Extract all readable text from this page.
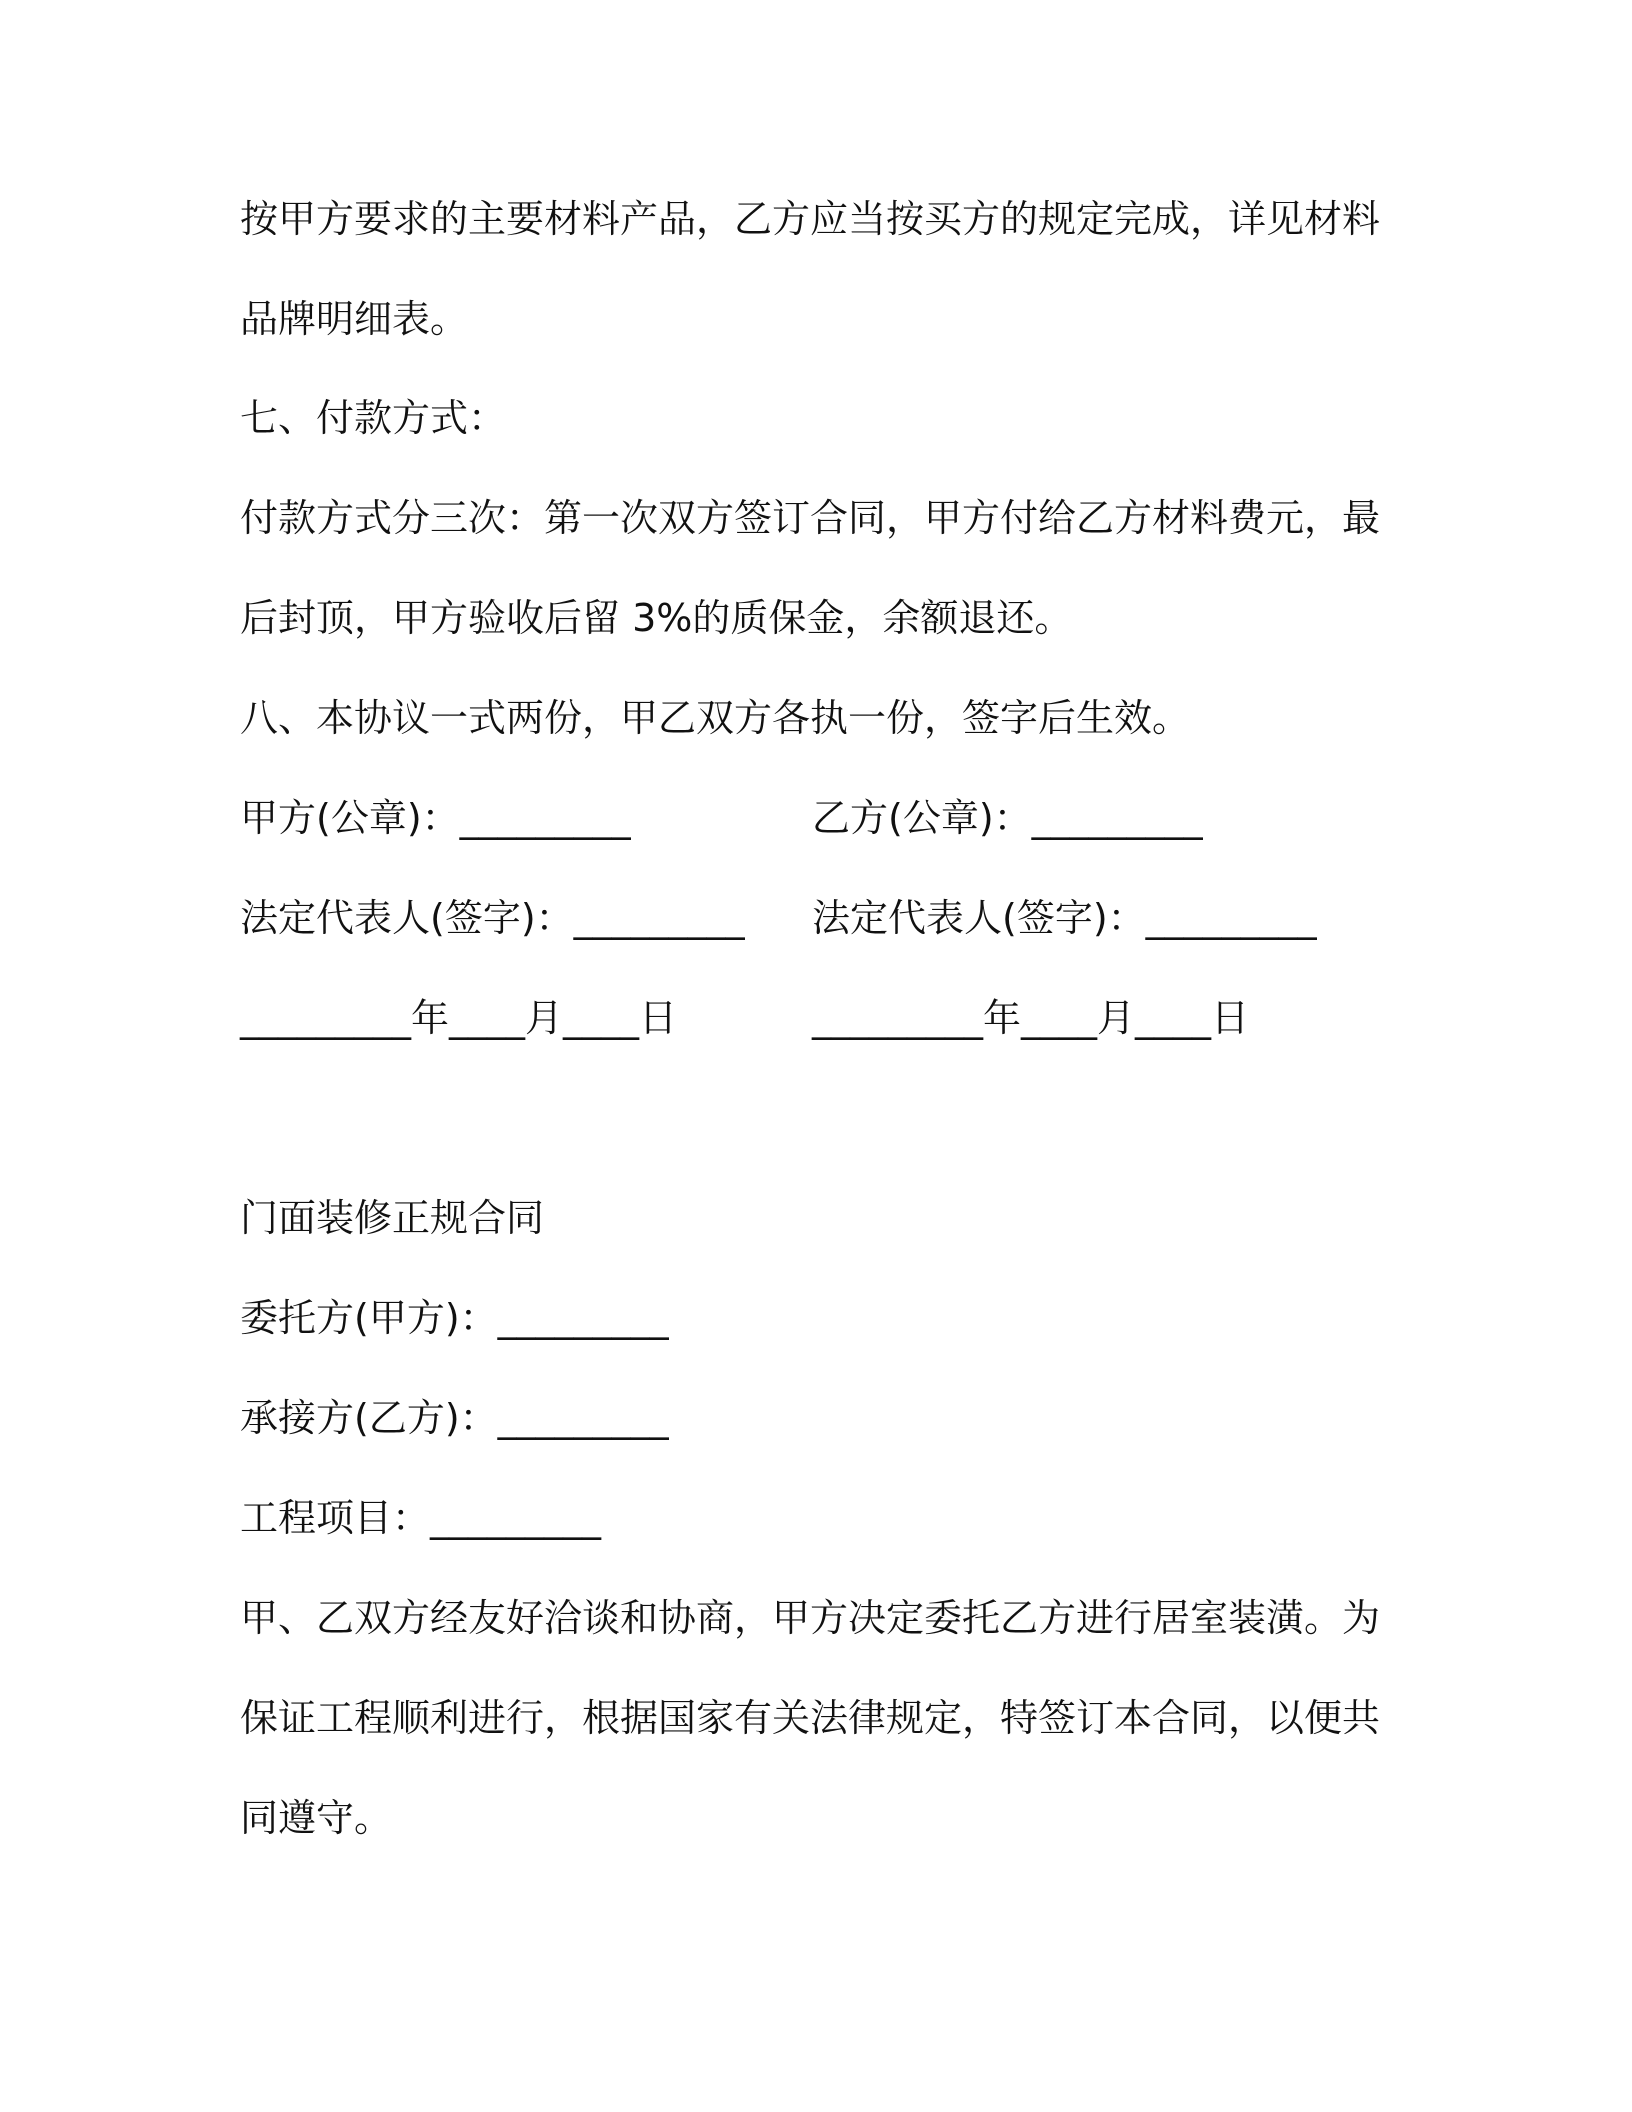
按甲方要求的主要材料产品，乙方应当按买方的规定完成，详见材料
品牌明细表。
七、付款方式：
付款方式分三次：第一次双方签订合同，甲方付给乙方材料费元，最
后封顶，甲方验收后留 3%的质保金，余额退还。
八、本协议一式两份，甲乙双方各执一份，签字后生效。
甲方(公章)：_________	乙方(公章)：_________
法定代表人(签字)：_________ 法定代表人(签字)：_________
_________年____月____日	_________年____月____日
门面装修正规合同
委托方(甲方)：_________
承接方(乙方)：_________
工程项目：_________
甲、乙双方经友好洽谈和协商，甲方决定委托乙方进行居室装潢。为
保证工程顺利进行，根据国家有关法律规定，特签订本合同，以便共
同遵守。
